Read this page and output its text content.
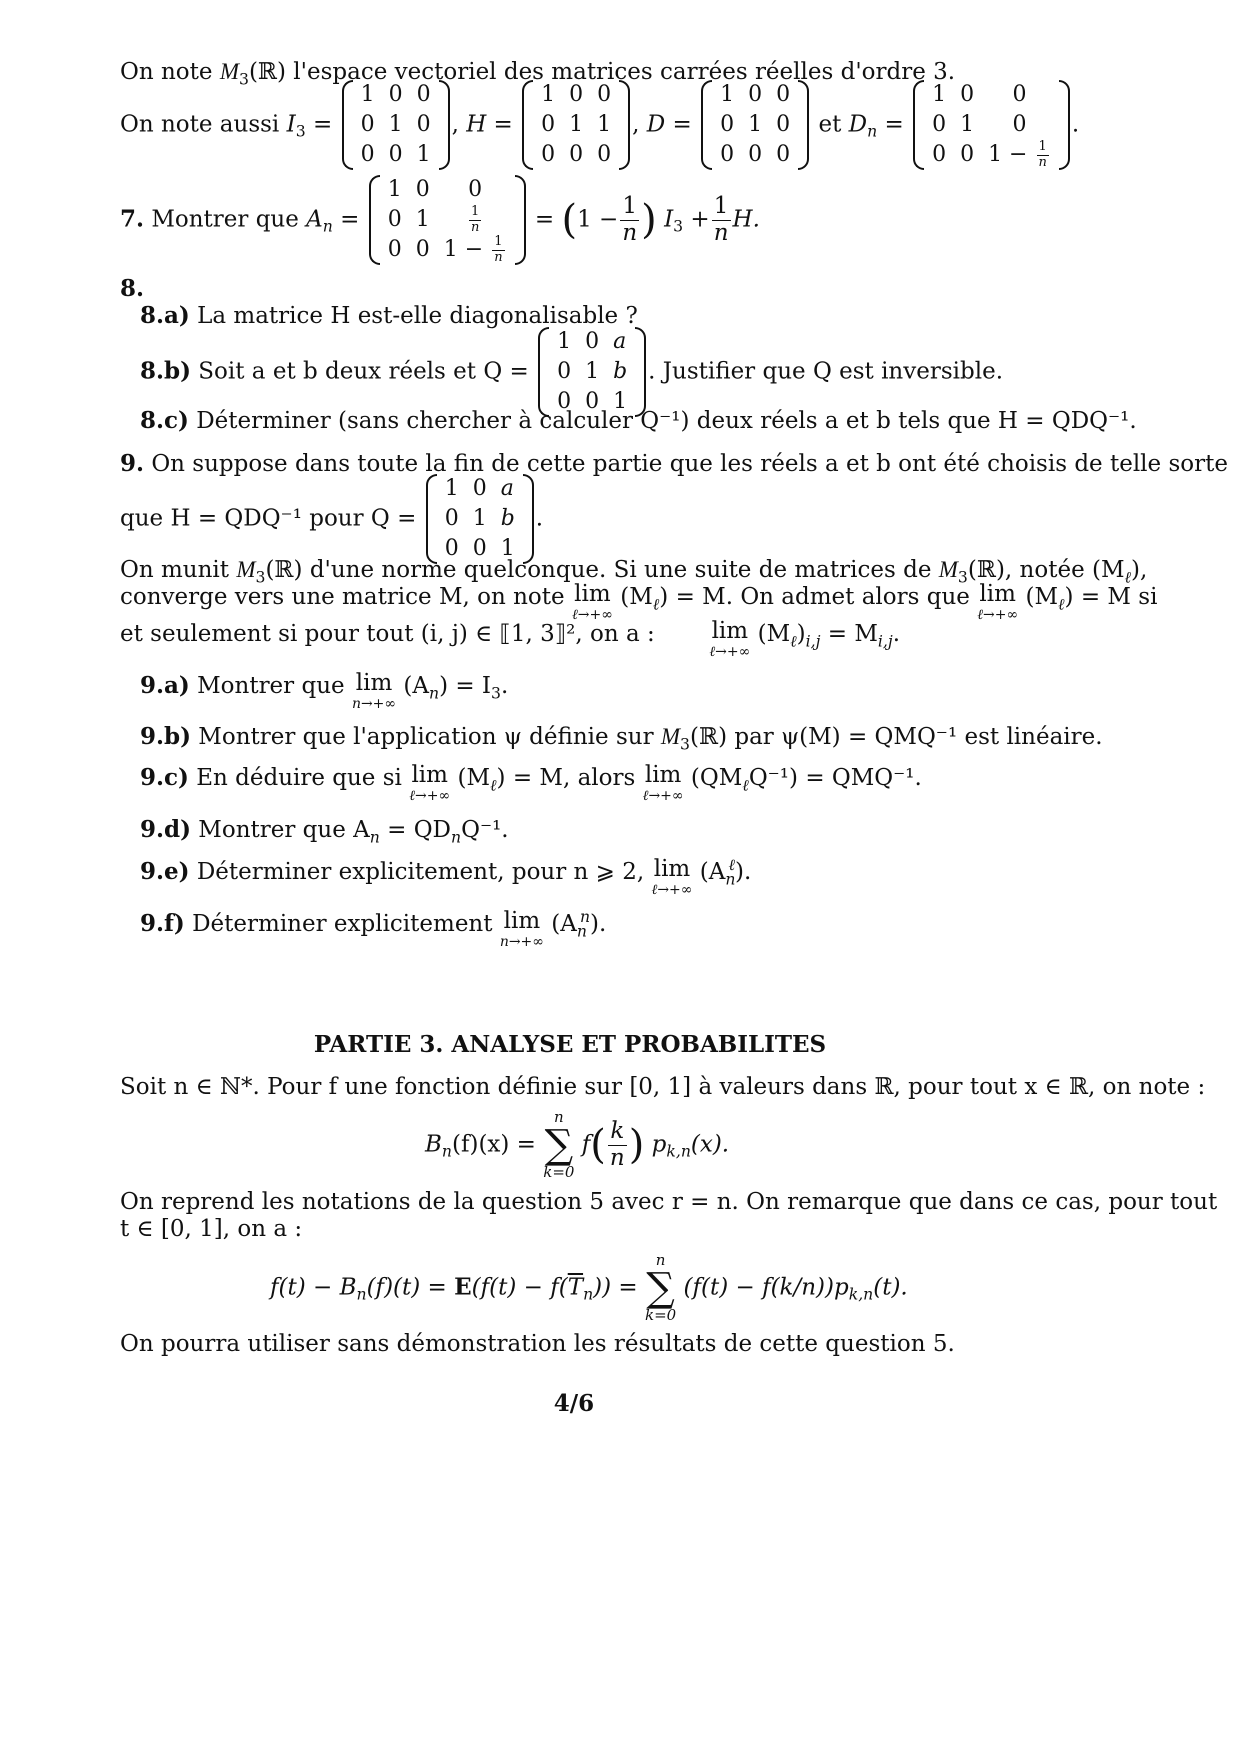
On note $M_3(ℝ)$ l'espace vectoriel des matrices carrées réelles d'ordre 3.
On note aussi $I_3$ =
1	0	0
0	1	0
0	0	1
, H =
1	0	0
0	1	1
0	0	0
, D =
1	0	0
0	1	0
0	0	0
et $D_n$ =
1	0	0
0	1	0
0	0	$1 - \frac{1}{n}$
.
7. Montrer que $A_n$ =
1	0	0
0	1	$\frac{1}{n}$

0	0	$1 - \frac{1}{n}$
= ($1 - \frac{1}{n}$ ) $I_3 + \frac{1}{n} H$.
8.
8.a) La matrice H est-elle diagonalisable ?
8.b) Soit a et b deux réels et Q =
1	0	a
0	1	b
0	0	1
. Justifier que Q est inversible.
8.c) Déterminer (sans chercher à calculer Q⁻¹) deux réels a et b tels que H = QDQ⁻¹.
9. On suppose dans toute la fin de cette partie que les réels a et b ont été choisis de telle sorte
que H = QDQ⁻¹ pour Q =
1	0	a
0	1	b
0	0	1
.
On munit $M_3(ℝ)$ d'une norme quelconque. Si une suite de matrices de $M_3(ℝ)$, notée $(M_\ell)$,
converge vers une matrice M, on note lim
ℓ→+∞
$(M_\ell) = M$. On admet alors que lim
ℓ→+∞
$(M_\ell) = M$ si
et seulement si pour tout (i, j) ∈ ⟦1, 3⟧², on a : lim
ℓ→+∞
$(M_\ell)_{i,j} = M_{i,j}$.
9.a) Montrer que lim
n→+∞
$(A_n) = I_3$.
9.b) Montrer que l'application ψ définie sur $M_3(ℝ)$ par ψ(M) = QMQ⁻¹ est linéaire.
9.c) En déduire que si lim
ℓ→+∞
$(M_\ell) = M$, alors lim
ℓ→+∞
$(QM_\ell Q^{-1}) = QMQ^{-1}$.
9.d) Montrer que $A_n = QD_nQ^{-1}$.
9.e) Déterminer explicitement, pour n ⩾ 2, lim
ℓ→+∞
$(A_n^\ell)$.
9.f) Déterminer explicitement lim
n→+∞
$(A_n^n)$.
PARTIE 3. ANALYSE ET PROBABILITES
Soit n ∈ ℕ*. Pour f une fonction définie sur [0, 1] à valeurs dans ℝ, pour tout x ∈ ℝ, on note :
$B_n(f)(x)$ =
n
∑
k=0
$f( \frac{k}{n}$ ) $p_{k,n}(x)$.
On reprend les notations de la question 5 avec r = n. On remarque que dans ce cas, pour tout
t ∈ [0, 1], on a :
$f(t) - B_n(f)(t) = E(f(t) - f(\overline{T}_n))$ =
n
∑
k=0
$(f(t) - f(k/n))p_{k,n}(t)$.
On pourra utiliser sans démonstration les résultats de cette question 5.
4/6
